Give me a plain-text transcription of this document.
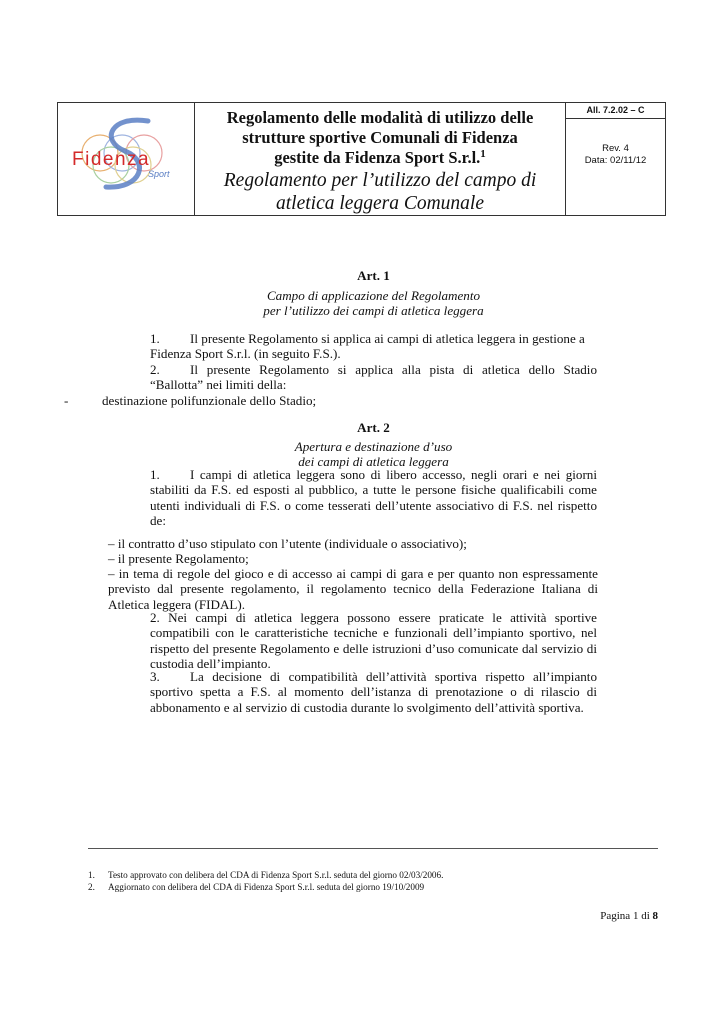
Fidenza
Sport

Regolamento delle modalità di utilizzo delle
strutture sportive Comunali di Fidenza
gestite da Fidenza Sport S.r.l.$^1$
Regolamento per l’utilizzo del campo di
atletica leggera Comunale

All. 7.2.02 – C
Rev. 4
Data: 02/11/12
Art. 1
Campo di applicazione del Regolamento
per l’utilizzo dei campi di atletica leggera
1. Il presente Regolamento si applica ai campi di atletica leggera in gestione a
Fidenza Sport S.r.l. (in seguito F.S.).
2.	Il presente Regolamento si applica alla pista di atletica dello Stadio
“Ballotta” nei limiti della:
-	destinazione polifunzionale dello Stadio;
Art. 2
Apertura e destinazione d’uso
dei campi di atletica leggera
1. I campi di atletica leggera sono di libero accesso, negli orari e nei giorni stabiliti da F.S. ed esposti al pubblico, a tutte le persone fisiche qualificabili come utenti individuali di F.S. o come tesserati dell’utente associativo di F.S. nel rispetto de:
– il contratto d’uso stipulato con l’utente (individuale o associativo);
– il presente Regolamento;
– in tema di regole del gioco e di accesso ai campi di gara e per quanto non espressamente previsto dal presente regolamento, il regolamento tecnico della Federazione Italiana di Atletica leggera (FIDAL).
2. Nei campi di atletica leggera possono essere praticate le attività sportive compatibili con le caratteristiche tecniche e funzionali dell’impianto sportivo, nel rispetto del presente Regolamento e delle istruzioni d’uso comunicate dal servizio di custodia dell’impianto.
3. La decisione di compatibilità dell’attività sportiva rispetto all’impianto sportivo spetta a F.S. al momento dell’istanza di prenotazione o di rilascio di abbonamento e al servizio di custodia durante lo svolgimento dell’attività sportiva.
1. Testo approvato con delibera del CDA di Fidenza Sport S.r.l. seduta del giorno 02/03/2006.
2. Aggiornato con delibera del CDA di Fidenza Sport S.r.l. seduta del giorno 19/10/2009
Pagina 1 di 8
